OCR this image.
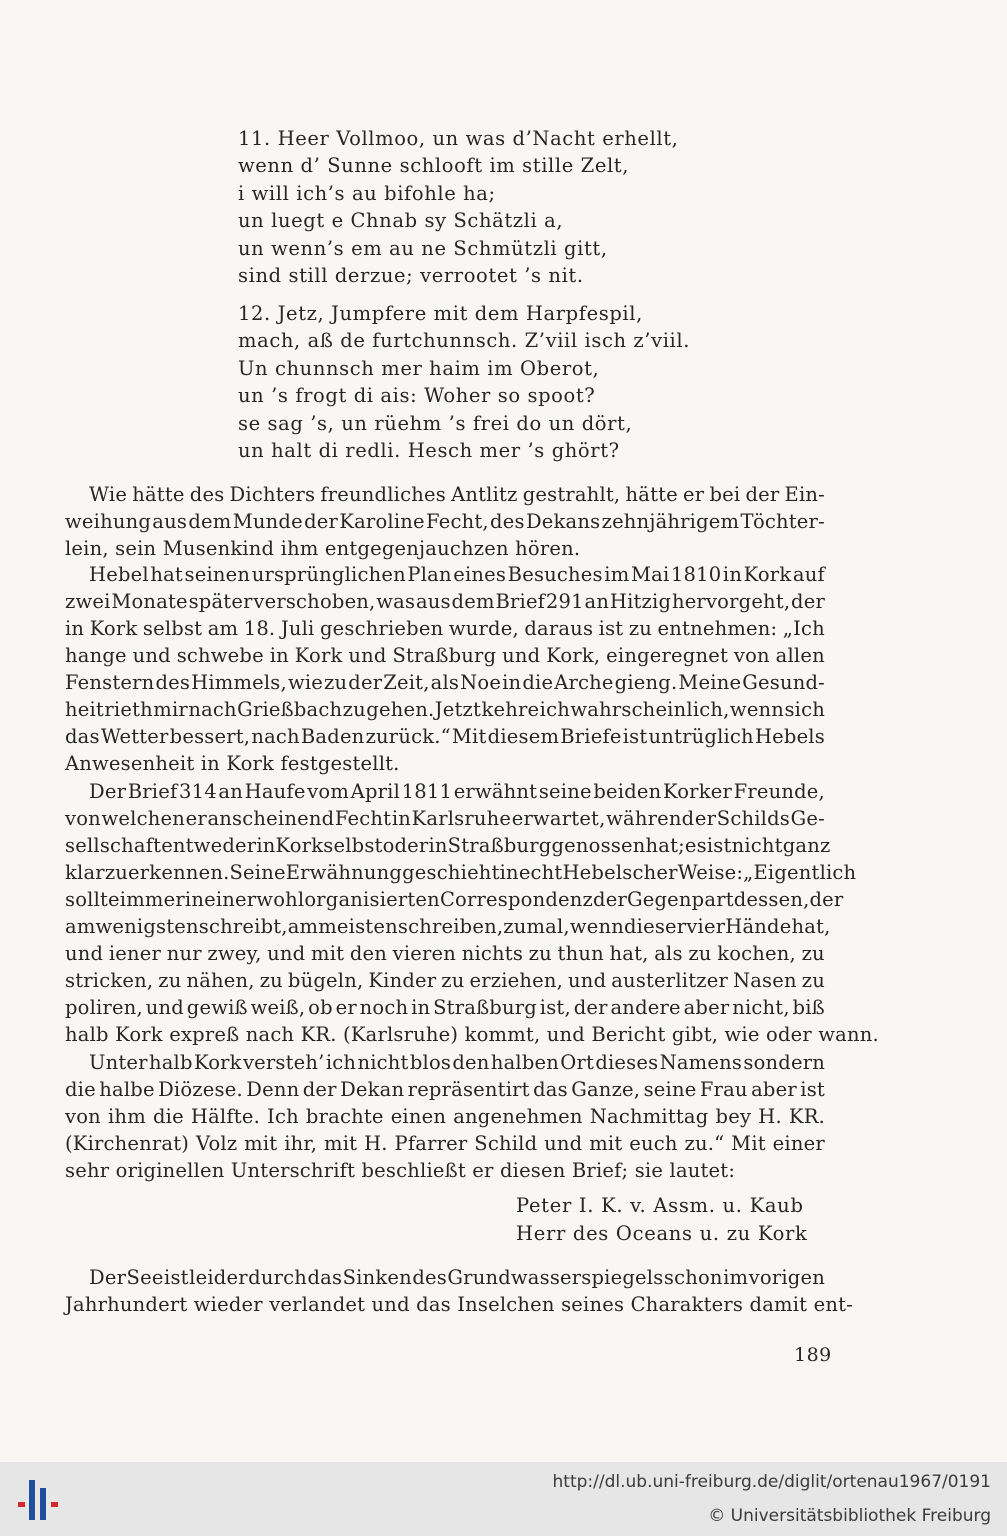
11. Heer Vollmoo, un was d’Nacht erhellt,
wenn d’ Sunne schlooft im stille Zelt,
i will ich’s au bifohle ha;
un luegt e Chnab sy Schätzli a,
un wenn’s em au ne Schmützli gitt,
sind still derzue; verrootet ’s nit.
12. Jetz, Jumpfere mit dem Harpfespil,
mach, aß de furtchunnsch. Z’viil isch z’viil.
Un chunnsch mer haim im Oberot,
un ’s frogt di ais: Woher so spoot?
se sag ’s, un rüehm ’s frei do un dört,
un halt di redli. Hesch mer ’s ghört?
Wie hätte des Dichters freundliches Antlitz gestrahlt, hätte er bei der Ein-
weihung aus dem Munde der Karoline Fecht, des Dekans zehnjährigem Töchter-
lein, sein Musenkind ihm entgegenjauchzen hören.
Hebel hat seinen ursprünglichen Plan eines Besuches im Mai 1810 in Kork auf
zwei Monate später verschoben, was aus dem Brief 291 an Hitzig hervorgeht, der
in Kork selbst am 18. Juli geschrieben wurde, daraus ist zu entnehmen: „Ich
hange und schwebe in Kork und Straßburg und Kork, eingeregnet von allen
Fenstern des Himmels, wie zu der Zeit, als Noe in die Arche gieng. Meine Gesund-
heit rieth mir nach Grießbach zu gehen. Jetzt kehre ich wahrscheinlich, wenn sich
das Wetter bessert, nach Baden zurück.“ Mit diesem Briefe ist untrüglich Hebels
Anwesenheit in Kork festgestellt.
Der Brief 314 an Haufe vom April 1811 erwähnt seine beiden Korker Freunde,
von welchen er anscheinend Fecht in Karlsruhe erwartet, während er Schilds Ge-
sellschaft entweder in Kork selbst oder in Straßburg genossen hat; es ist nicht ganz
klar zu erkennen. Seine Erwähnung geschieht in echt Hebelscher Weise: „Eigentlich
sollte immer in einer wohl organisierten Correspondenz der Gegenpart dessen, der
am wenigsten schreibt, am meisten schreiben, zumal, wenn dieser vier Hände hat,
und iener nur zwey, und mit den vieren nichts zu thun hat, als zu kochen, zu
stricken, zu nähen, zu bügeln, Kinder zu erziehen, und austerlitzer Nasen zu
poliren, und gewiß weiß, ob er noch in Straßburg ist, der andere aber nicht, biß
halb Kork expreß nach KR. (Karlsruhe) kommt, und Bericht gibt, wie oder wann.
Unter halb Kork versteh’ ich nicht blos den halben Ort dieses Namens sondern
die halbe Diözese. Denn der Dekan repräsentirt das Ganze, seine Frau aber ist
von ihm die Hälfte. Ich brachte einen angenehmen Nachmittag bey H. KR.
(Kirchenrat) Volz mit ihr, mit H. Pfarrer Schild und mit euch zu.“ Mit einer
sehr originellen Unterschrift beschließt er diesen Brief; sie lautet:
Peter I. K. v. Assm. u. Kaub
Herr des Oceans u. zu Kork
Der See ist leider durch das Sinken des Grundwasserspiegels schon im vorigen
Jahrhundert wieder verlandet und das Inselchen seines Charakters damit ent-
189
http://dl.ub.uni-freiburg.de/diglit/ortenau1967/0191
© Universitätsbibliothek Freiburg
